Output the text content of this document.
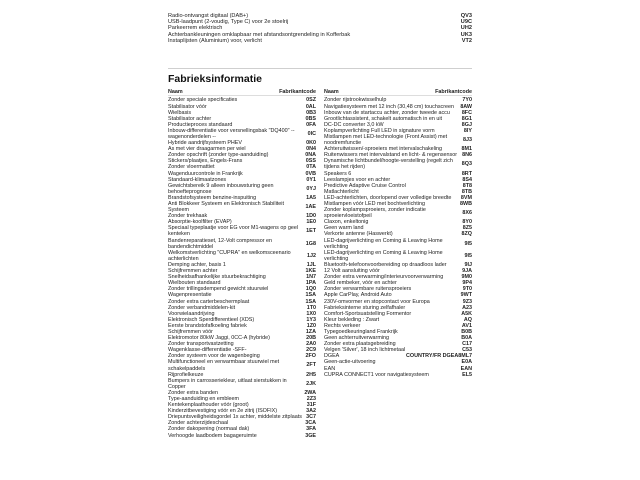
Radio-ontvangst digitaal (DAB+)	QV3
USB-laadpunt (2-voudig, Type C) voor 2e stoelrij	U9C
Parkeerrem elektrisch	UH2
Achterbankleuningen omklapbaar met afstandsontgrendeling in Kofferbak	UK3
Instaplijsten (Aluminium) voor, verlicht	VT2
Fabrieksinformatie
Naam	Fabrikantcode
Zonder speciale specificaties	0SZ
Stabilisator vóór	0AL
Wielbasis	0B3
Stabilisator achter	0BS
Productieproces standaard	0FA
Inbouw-differentiatie voor versnellingsbak "DQ400" -- wagenonderdelen --
0IC
Hybride aandrijfsysteem PHEV	0K0
As met vier draagarmen per wiel	0N4
Zonder opschrift (zonder type-aanduiding)	0NA
Stickers/plaatjes, Engels-Frans	0SS
Zonder vloermattiet	0TA
Wagenduurcontrole in Frankrijk	0VB
Standaard-klimaatzones	0Y1
Gewichtsbereik 9 alleen inbouwsturing geen behoefteprognose
0YJ
Brandstofsysteem benzine-inspuiting	1A5
Anti Blokkeer Systeem en Elektronisch Stabiliteit Systeem
1AE
Zonder trekhaak	1D0
Absorptie-koolfilter (EVAP)	1E0
Speciaal typeplaatje voor EG voor M1-wagens op geel kenteken
1ET
Bandenreparatieset, 12-Volt compressor en bandendichtmiddel
1G8
Welkomstverlichting "CUPRA" en welkomsceenario achterlichten
1J2
Demping achter, basis 1	1JL
Schijfremmen achter	1KE
Snelheidsafhankelijke stuurbekrachtiging	1N7
Wielbouten standaard	1PA
Zonder trillingsdempend gewicht stuurwiel	1Q0
Wagenpresentatie	1SA
Zonder extra carterbeschermplaat	1SA
Zonder verbandmiddelen-kit	1T0
Voorwielaandrijving	1X0
Elektronisch Sperdifferentieel (XDS)	1Y3
Eerste brandstofafkoeling fabriek	1Z0
Schijfremmen vóór	1ZA
Elektromotor 80kW Jaggi, 0CC-A (hybride)	20B
Zonder transportvastzetting	2A0
Wagenklasse-differentiatie -SFF-	2C9
Zonder systeem voor de wagenbeging	2FO
Multifunctioneel en verwarmbaar stuurwiel met schakelpaddels
2FT
Rijprofielkeuze	2H5
Bumpers in carrosseriekleur, uitlaat sierstukken in Copper
2JK
Zonder extra banden	2WA
Type-aanduiding en embleem	2Z3
Kentekenplaathouder vóór (groot)	31F
Kinderzitbevestiging vóór en 2e zitrij (ISOFIX)	3A2
Driepuntsveiligheidsgordel 1x achter, middelste zitplaats 3C7
Zonder achterzijdeschaal	3CA
Zonder dakopening (normaal dak)	3FA
Verhoogde laadbodem bagageruimte	3GE
Naam	Fabrikantcode
Zonder rijstrookwisselhulp	7Y0
Navigatiesysteem met 12 inch (30,48 cm) touchscreen	8AW
Inbouw van de startaccu achter, zonder tweede accu	8FC
Grootlichtassistent, schakelt automatisch in en uit	8G1
DC-DC converter 3,0 kW	8GJ
Koplampverlichting Full LED in signature vorm	8IY
Mistlampen met LED-technologie (Front Assist) met noodremfunctie
8J3
Achteruitwissen/-sproeiers met intervalschakeling	8M1
Ruitenwissers met intervalstand en licht- & regensensor 8N6
Dynamische lichtbundel/hoogte-verstelling (regelt zich tijdens het rijden)
8Q3
Speakers 6	8RT
Leeslampjes voor en achter	8S4
Predictive Adaptive Cruise Control	8T8
Matlachterlicht	8TB
LED-achterlichten, doorlopend over volledige breedte	8VM
Mistlampen vóór LED met bochtverlichting	8WB
Zonder koplampsproeiers, zonder indicatie sproeiervloeistofpeil
8X6
Claxon, enkeltonig	8Y0
Geen warm land	8Z5
Verkorte antenne (Haswerkt)	8ZQ
LED-dagrijverlichting en Coming & Leaving Home verlichting
9I5
LED-dagrijverlichting en Coming & Leaving Home verlichting
9I5
Bluetooth-telefoonvoorbereiding op draadloos lader	9IJ
12 Volt aansluiting vóór	9JA
Zonder extra verwarming/interieurvoorverwarming	9M0
Geld rembeker, vóór en achter	9P4
Zonder verwarmbare ruitensproeiers	9T0
Apple CarPlay, Android Auto	9WT
230V-omvormer en stopcontact voor Europa	9Z3
Fabrieksinterne sturing zelfafhaler	A23
Comfort-Sportsuatstelling Formentor	A5K
Kleur bekleding : Zwart	AQ
Rechts verkeer	AV1
Typegoedkeuringland Frankrijk	B0B
Geen achterruitverwarming	B0A
Zonder extra plaatsgebreiding	C17
Velgen 'Silver', 18 inch lichtmetaal	C53
DGEA	COUNTRY/FR DGEA8ML7
Geen-actie-uitvoering	E0A
EAN	EAN
CUPRA CONNECT1 voor navigatiesysteem	EL5
